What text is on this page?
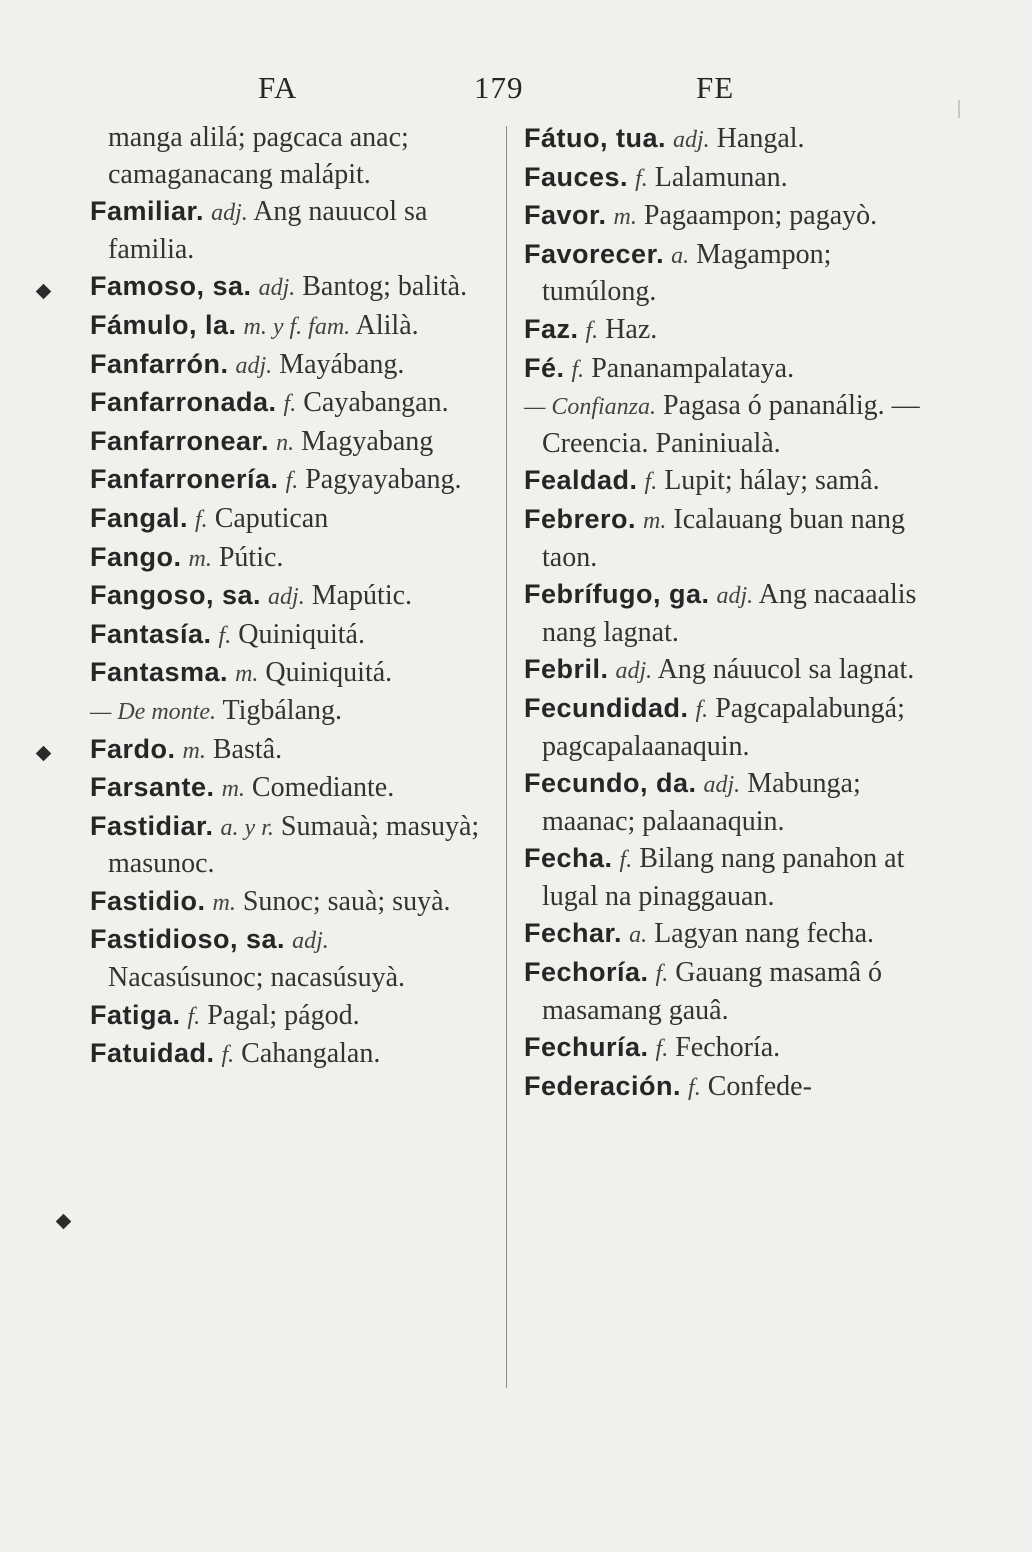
FA	179	FE

manga alilá; pagcaca anac; camaganacang malápit.

Familiar. adj. Ang nauucol sa familia.

Famoso, sa. adj. Bantog; balità.

Fámulo, la. m. y f. fam. Alilà.

Fanfarrón. adj. Mayábang.

Fanfarronada. f. Cayabangan.

Fanfarronear. n. Magyabang

Fanfarronería. f. Pagyayabang.

Fangal. f. Caputican

Fango. m. Pútic.

Fangoso, sa. adj. Mapútic.

Fantasía. f. Quiniquitá.

Fantasma. m. Quiniquitá.

— De monte. Tigbálang.

Fardo. m. Bastâ.

Farsante. m. Comediante.

Fastidiar. a. y r. Sumauà; masuyà; masunoc.

Fastidio. m. Sunoc; sauà; suyà.

Fastidioso, sa. adj. Nacasúsunoc; nacasúsuyà.

Fatiga. f. Pagal; págod.

Fatuidad. f. Cahangalan.

Fátuo, tua. adj. Hangal.

Fauces. f. Lalamunan.

Favor. m. Pagaampon; pagayò.

Favorecer. a. Magampon; tumúlong.

Faz. f. Haz.

Fé. f. Pananampalataya.

— Confianza. Pagasa ó pananálig. — Creencia. Paniniualà.

Fealdad. f. Lupit; hálay; samâ.

Febrero. m. Icalauang buan nang taon.

Febrífugo, ga. adj. Ang nacaaalis nang lagnat.

Febril. adj. Ang náuucol sa lagnat.

Fecundidad. f. Pagcapalabungá; pagcapalaanaquin.

Fecundo, da. adj. Mabunga; maanac; palaanaquin.

Fecha. f. Bilang nang panahon at lugal na pinaggauan.

Fechar. a. Lagyan nang fecha.

Fechoría. f. Gauang masamâ ó masamang gauâ.

Fechuría. f. Fechoría.

Federación. f. Confede-
